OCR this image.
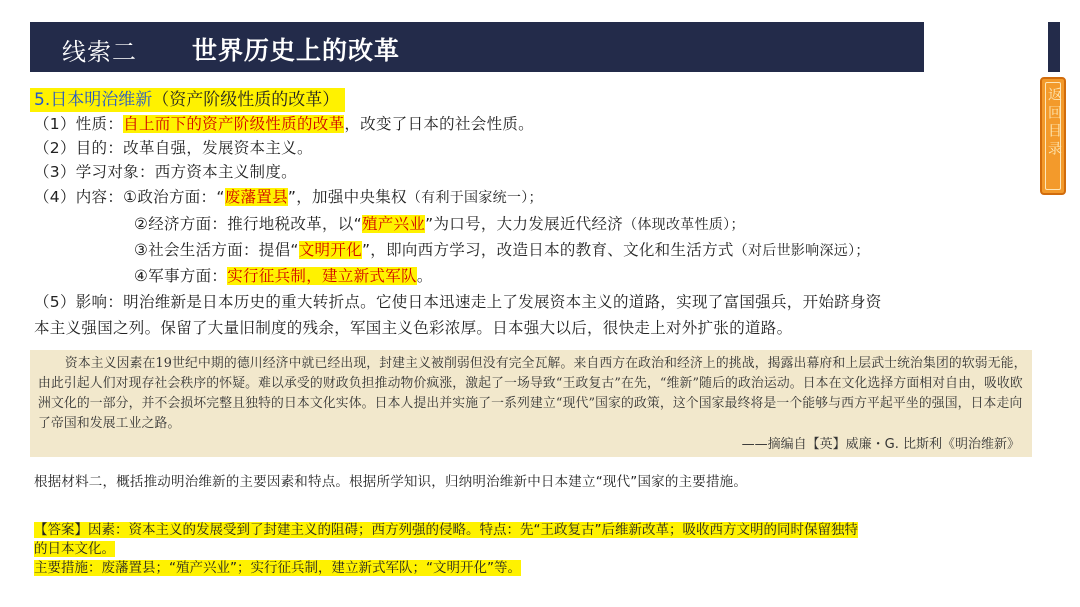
线索二 世界历史上的改革
返回目录
5.日本明治维新（资产阶级性质的改革）
（1）性质：自上而下的资产阶级性质的改革，改变了日本的社会性质。
（2）目的：改革自强，发展资本主义。
（3）学习对象：西方资本主义制度。
（4）内容：①政治方面：“废藩置县”，加强中央集权（有利于国家统一）；
②经济方面：推行地税改革，以“殖产兴业”为口号，大力发展近代经济（体现改革性质）；
③社会生活方面：提倡“文明开化”，即向西方学习，改造日本的教育、文化和生活方式（对后世影响深远）；
④军事方面：实行征兵制，建立新式军队。
（5）影响：明治维新是日本历史的重大转折点。它使日本迅速走上了发展资本主义的道路，实现了富国强兵，开始跻身资
本主义强国之列。保留了大量旧制度的残余，军国主义色彩浓厚。日本强大以后，很快走上对外扩张的道路。

资本主义因素在19世纪中期的德川经济中就已经出现，封建主义被削弱但没有完全瓦解。来自西方在政治和经济上的挑战，揭露出幕府和上层武士统治集团的软弱无能，由此引起人们对现存社会秩序的怀疑。难以承受的财政负担推动物价疯涨，激起了一场导致“王政复古”在先，“维新”随后的政治运动。日本在文化选择方面相对自由，吸收欧洲文化的一部分，并不会损坏完整且独特的日本文化实体。日本人提出并实施了一系列建立“现代”国家的政策，这个国家最终将是一个能够与西方平起平坐的强国，日本走向了帝国和发展工业之路。

——摘编自【英】威廉・G. 比斯利《明治维新》
根据材料二，概括推动明治维新的主要因素和特点。根据所学知识，归纳明治维新中日本建立“现代”国家的主要措施。
【答案】因素：资本主义的发展受到了封建主义的阻碍；西方列强的侵略。特点：先“王政复古”后维新改革；吸收西方文明的同时保留独特
的日本文化。
主要措施：废藩置县；“殖产兴业”；实行征兵制，建立新式军队；“文明开化”等。
